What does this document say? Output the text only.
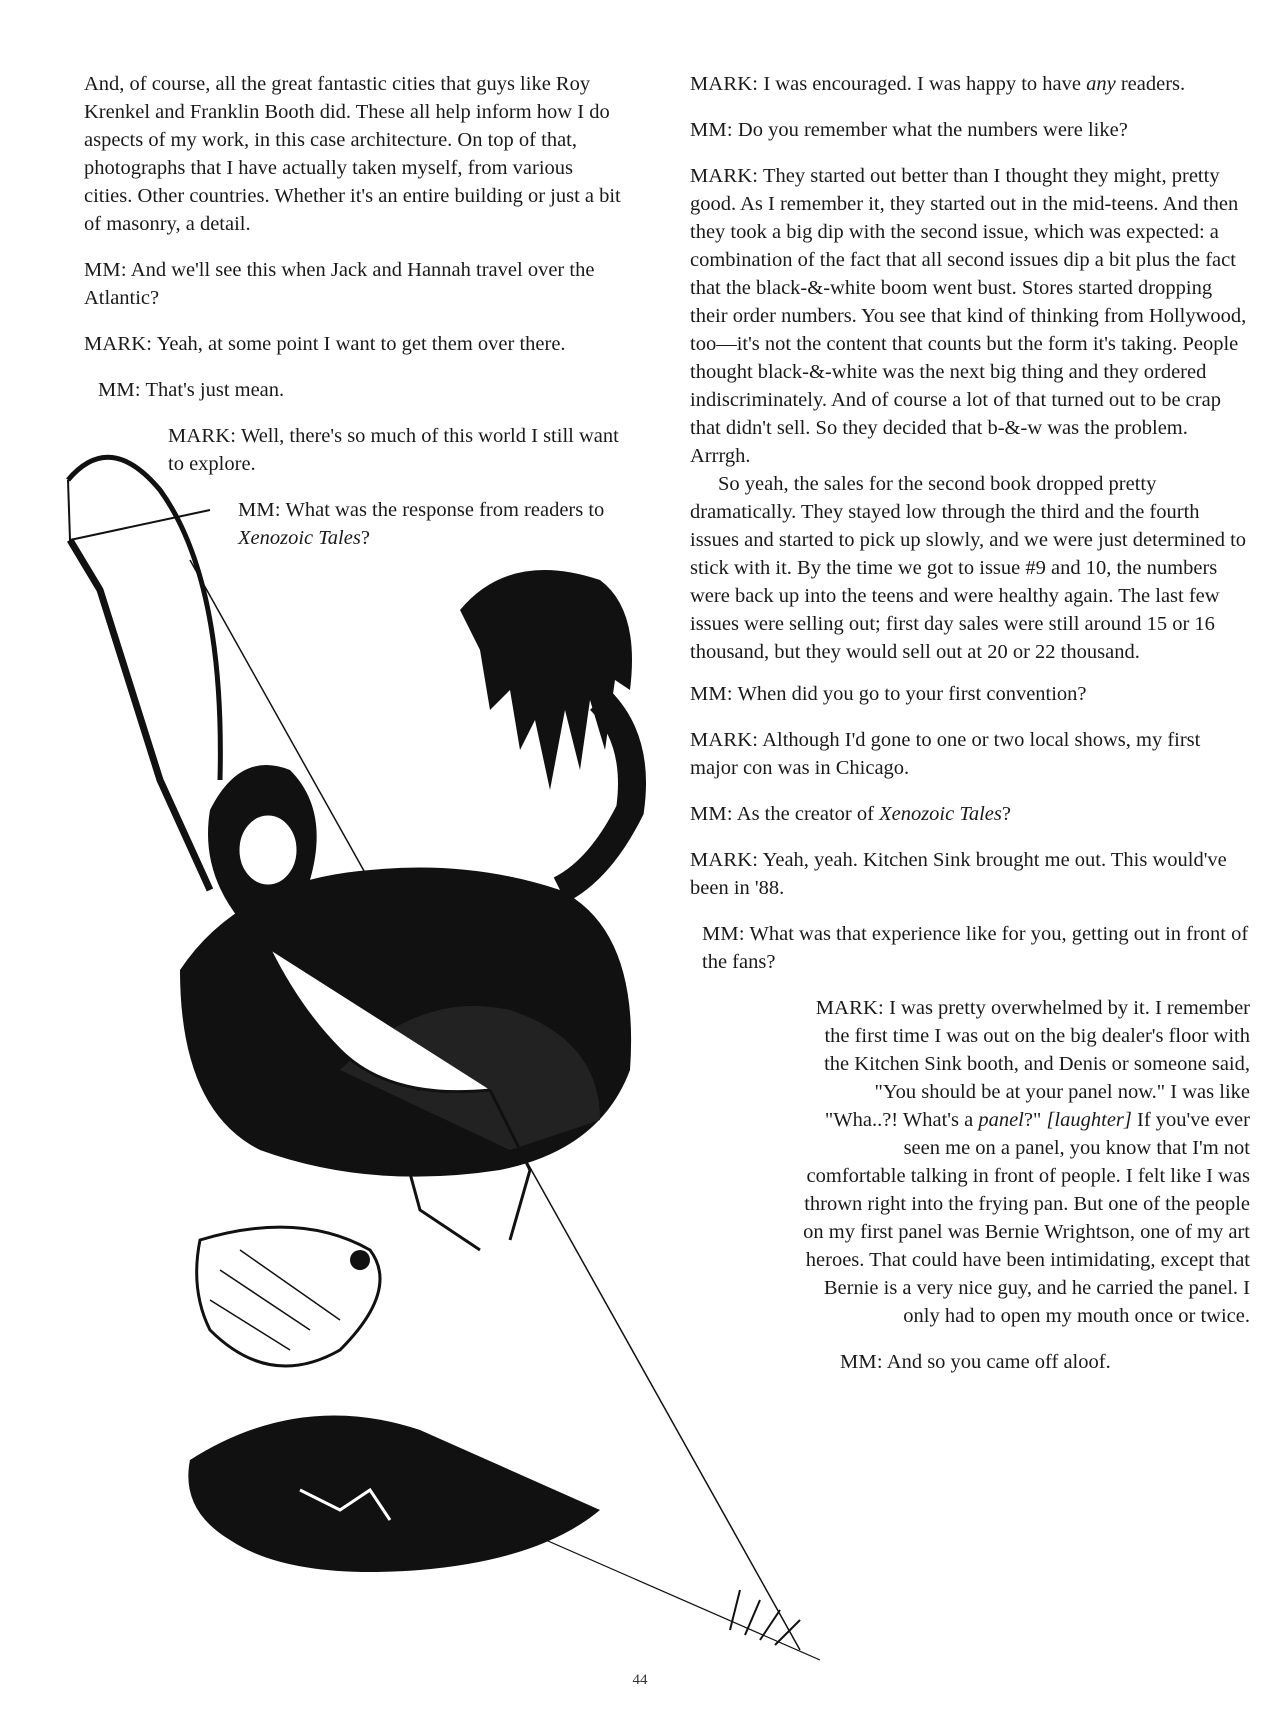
And, of course, all the great fantastic cities that guys like Roy Krenkel and Franklin Booth did. These all help inform how I do aspects of my work, in this case architecture. On top of that, photographs that I have actually taken myself, from various cities. Other countries. Whether it's an entire building or just a bit of masonry, a detail.

MM: And we'll see this when Jack and Hannah travel over the Atlantic?

MARK: Yeah, at some point I want to get them over there.

MM: That's just mean.

MARK: Well, there's so much of this world I still want to explore.

MM: What was the response from readers to Xenozoic Tales?

MARK: I was encouraged. I was happy to have any readers.

MM: Do you remember what the numbers were like?

MARK: They started out better than I thought they might, pretty good. As I remember it, they started out in the mid-teens. And then they took a big dip with the second issue, which was expected: a combination of the fact that all second issues dip a bit plus the fact that the black-&-white boom went bust. Stores started dropping their order numbers. You see that kind of thinking from Hollywood, too—it's not the content that counts but the form it's taking. People thought black-&-white was the next big thing and they ordered indiscriminately. And of course a lot of that turned out to be crap that didn't sell. So they decided that b-&-w was the problem. Arrrgh.

So yeah, the sales for the second book dropped pretty dramatically. They stayed low through the third and the fourth issues and started to pick up slowly, and we were just determined to stick with it. By the time we got to issue #9 and 10, the numbers were back up into the teens and were healthy again. The last few issues were selling out; first day sales were still around 15 or 16 thousand, but they would sell out at 20 or 22 thousand.

MM: When did you go to your first convention?

MARK: Although I'd gone to one or two local shows, my first major con was in Chicago.

MM: As the creator of Xenozoic Tales?

MARK: Yeah, yeah. Kitchen Sink brought me out. This would've been in '88.

MM: What was that experience like for you, getting out in front of the fans?

MARK: I was pretty overwhelmed by it. I remember the first time I was out on the big dealer's floor with the Kitchen Sink booth, and Denis or someone said, "You should be at your panel now." I was like "Wha..?! What's a panel?" [laughter] If you've ever seen me on a panel, you know that I'm not comfortable talking in front of people. I felt like I was thrown right into the frying pan. But one of the people on my first panel was Bernie Wrightson, one of my art heroes. That could have been intimidating, except that Bernie is a very nice guy, and he carried the panel. I only had to open my mouth once or twice.

MM: And so you came off aloof.

44
